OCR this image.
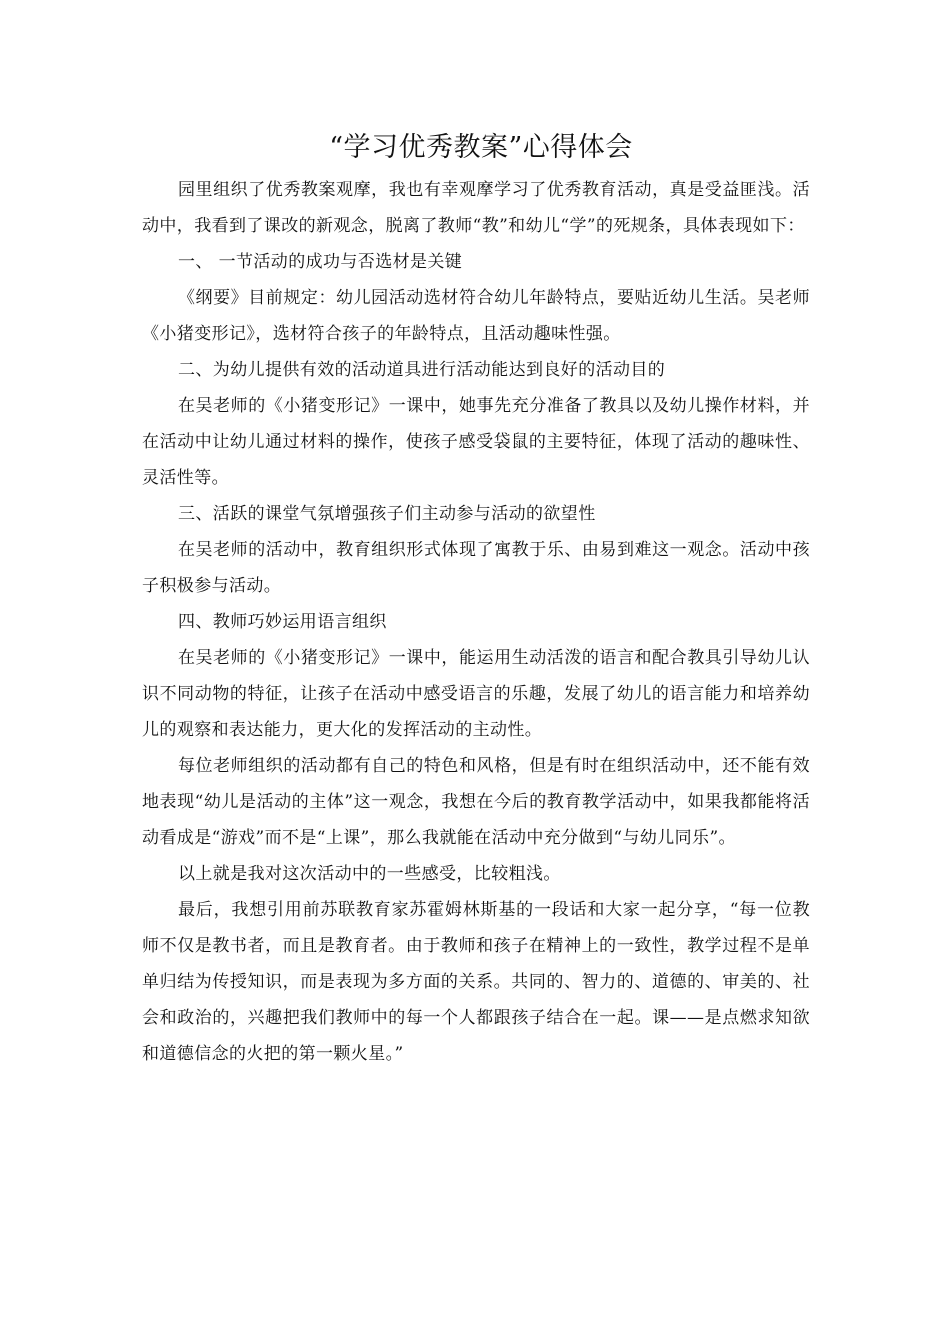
“学习优秀教案”心得体会

园里组织了优秀教案观摩，我也有幸观摩学习了优秀教育活动，真是受益匪浅。活动中，我看到了课改的新观念，脱离了教师“教”和幼儿“学”的死规条，具体表现如下：

一、 一节活动的成功与否选材是关键

《纲要》目前规定：幼儿园活动选材符合幼儿年龄特点，要贴近幼儿生活。吴老师《小猪变形记》，选材符合孩子的年龄特点，且活动趣味性强。

二、为幼儿提供有效的活动道具进行活动能达到良好的活动目的

在吴老师的《小猪变形记》一课中，她事先充分准备了教具以及幼儿操作材料，并在活动中让幼儿通过材料的操作，使孩子感受袋鼠的主要特征，体现了活动的趣味性、灵活性等。

三、活跃的课堂气氛增强孩子们主动参与活动的欲望性

在吴老师的活动中，教育组织形式体现了寓教于乐、由易到难这一观念。活动中孩子积极参与活动。

四、教师巧妙运用语言组织

在吴老师的《小猪变形记》一课中，能运用生动活泼的语言和配合教具引导幼儿认识不同动物的特征，让孩子在活动中感受语言的乐趣，发展了幼儿的语言能力和培养幼儿的观察和表达能力，更大化的发挥活动的主动性。

每位老师组织的活动都有自己的特色和风格，但是有时在组织活动中，还不能有效地表现“幼儿是活动的主体”这一观念，我想在今后的教育教学活动中，如果我都能将活动看成是“游戏”而不是“上课”，那么我就能在活动中充分做到“与幼儿同乐”。

以上就是我对这次活动中的一些感受，比较粗浅。

最后，我想引用前苏联教育家苏霍姆林斯基的一段话和大家一起分享，“每一位教师不仅是教书者，而且是教育者。由于教师和孩子在精神上的一致性，教学过程不是单单归结为传授知识，而是表现为多方面的关系。共同的、智力的、道德的、审美的、社会和政治的，兴趣把我们教师中的每一个人都跟孩子结合在一起。课——是点燃求知欲和道德信念的火把的第一颗火星。”
